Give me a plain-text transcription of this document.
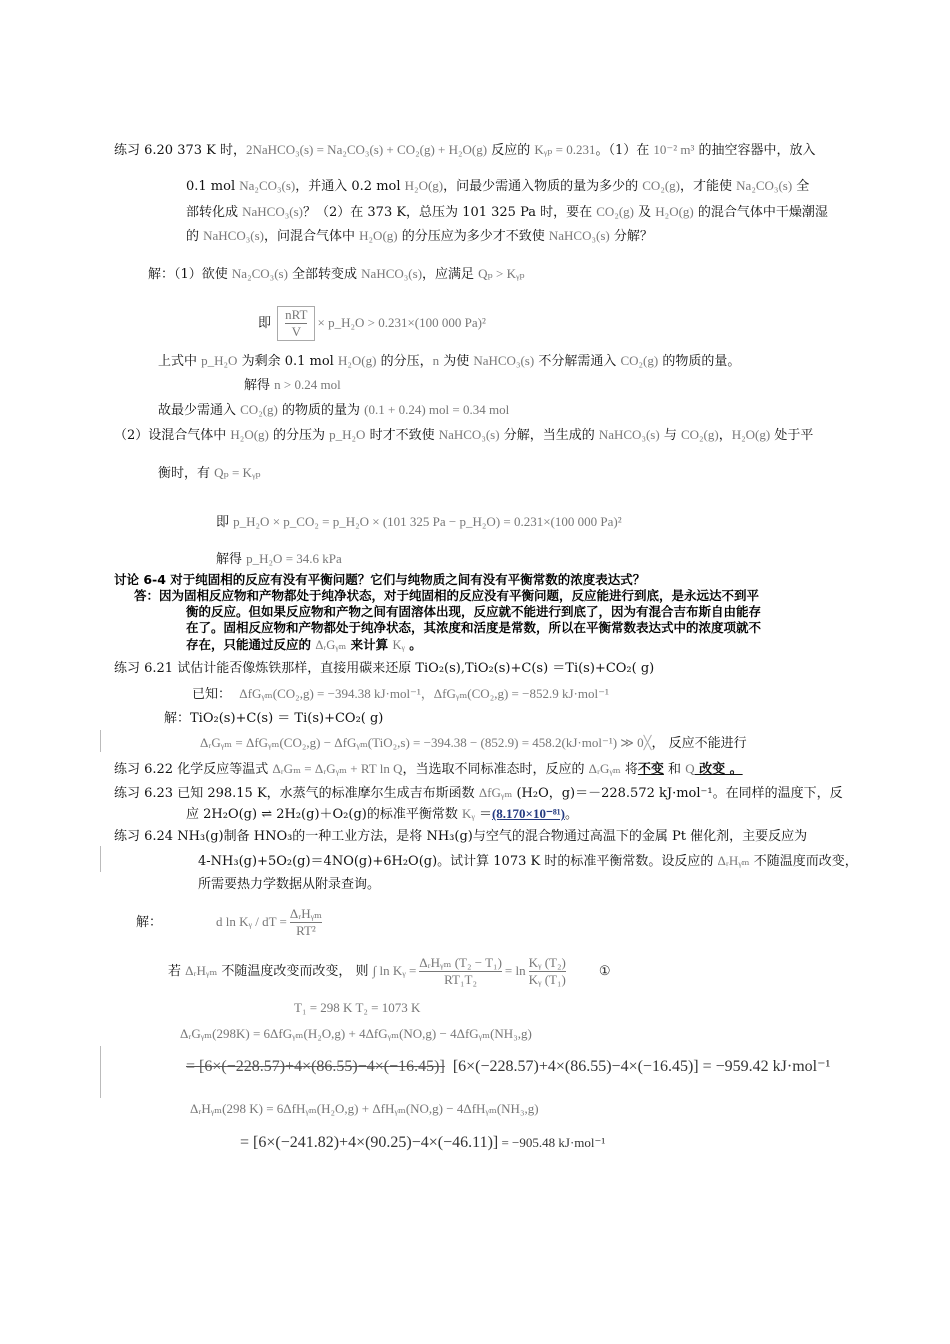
练习 6.20 373 K 时，2NaHCO₃(s) = Na₂CO₃(s) + CO₂(g) + H₂O(g) 反应的 Kᵧₚ = 0.231。（1）在 10⁻² m³ 的抽空容器中，放入
0.1 mol Na₂CO₃(s)，并通入 0.2 mol H₂O(g)，问最少需通入物质的量为多少的 CO₂(g)，才能使 Na₂CO₃(s) 全
部转化成 NaHCO₃(s)？（2）在 373 K，总压为 101 325 Pa 时，要在 CO₂(g) 及 H₂O(g) 的混合气体中干燥潮湿
的 NaHCO₃(s)，问混合气体中 H₂O(g) 的分压应为多少才不致使 NaHCO₃(s) 分解？
解：（1）欲使 Na₂CO₃(s) 全部转变成 NaHCO₃(s)，应满足 Qₚ > Kᵧₚ
即 $\frac{\text{nRT}}{V}$ × p_H₂O > 0.231×(100 000 Pa)²
上式中 p_H₂O 为剩余 0.1 mol H₂O(g) 的分压，n 为使 NaHCO₃(s) 不分解需通入 CO₂(g) 的物质的量。
解得 n > 0.24 mol
故最少需通入 CO₂(g) 的物质的量为 (0.1 + 0.24) mol = 0.34 mol
（2）设混合气体中 H₂O(g) 的分压为 p_H₂O 时才不致使 NaHCO₃(s) 分解，当生成的 NaHCO₃(s) 与 CO₂(g)，H₂O(g) 处于平
衡时，有 Qₚ = Kᵧₚ
即 p_H₂O × p_CO₂ = p_H₂O × (101 325 Pa − p_H₂O) = 0.231×(100 000 Pa)²
解得 p_H₂O = 34.6 kPa
讨论 6-4 对于纯固相的反应有没有平衡问题？它们与纯物质之间有没有平衡常数的浓度表达式？
答：因为固相反应物和产物都处于纯净状态，对于纯固相的反应没有平衡问题，反应能进行到底，是永远达不到平
衡的反应。但如果反应物和产物之间有固溶体出现，反应就不能进行到底了，因为有混合吉布斯自由能存
在了。固相反应物和产物都处于纯净状态，其浓度和活度是常数，所以在平衡常数表达式中的浓度项就不
存在，只能通过反应的 ΔᵣGᵧₘ 来计算 Kᵧ 。
练习 6.21 试估计能否像炼铁那样，直接用碳来还原 TiO₂(s),TiO₂(s)+C(s) ＝Ti(s)+CO₂( g)
已知： ΔfGᵧₘ(CO₂,g) = −394.38 kJ·mol⁻¹，ΔfGᵧₘ(CO₂,g) = −852.9 kJ·mol⁻¹
解：TiO₂(s)+C(s) ＝ Ti(s)+CO₂( g)
ΔᵣGᵧₘ = ΔfGᵧₘ(CO₂,g) − ΔfGᵧₘ(TiO₂,s) = −394.38 − (852.9) = 458.2(kJ·mol⁻¹) ≫ 0╳， 反应不能进行
练习 6.22 化学反应等温式 ΔᵣGₘ = ΔᵣGᵧₘ + RT ln Q，当选取不同标准态时，反应的 ΔᵣGᵧₘ 将不变 和 Q 改变 。
练习 6.23 已知 298.15 K，水蒸气的标准摩尔生成吉布斯函数 ΔfGᵧₘ (H₂O，g)＝－228.572 kJ·mol⁻¹。在同样的温度下，反
应 2H₂O(g) ⇌ 2H₂(g)＋O₂(g)的标准平衡常数 Kᵧ ＝(8.170×10⁻⁸¹)。
练习 6.24 NH₃(g)制备 HNO₃的一种工业方法，是将 NH₃(g)与空气的混合物通过高温下的金属 Pt 催化剂，主要反应为
4-NH₃(g)+5O₂(g)＝4NO(g)+6H₂O(g)。试计算 1073 K 时的标准平衡常数。设反应的 ΔᵣHᵧₘ 不随温度而改变，
所需要热力学数据从附录查询。
解：	d ln Kᵧ / dT = $\frac{\text{ΔᵣHᵧₘ}}{\text{RT²}}$
若 ΔᵣHᵧₘ 不随温度改变而改变， 则 ∫ ln Kᵧ = $\frac{\text{ΔᵣHᵧₘ (T₂ − T₁)}}{\text{RT₁T₂}} = \ln \frac{\text{Kᵧ (T₂)}}{\text{Kᵧ (T₁)}}$	①
T₁ = 298 K T₂ = 1073 K
ΔᵣGᵧₘ(298K) = 6ΔfGᵧₘ(H₂O,g) + 4ΔfGᵧₘ(NO,g) − 4ΔfGᵧₘ(NH₃,g)
= [6×(−228.57)+4×(86.55)−4×(−16.45)] [6×(−228.57)+4×(86.55)−4×(−16.45)] = −959.42 kJ·mol⁻¹
ΔᵣHᵧₘ(298 K) = 6ΔfHᵧₘ(H₂O,g) + ΔfHᵧₘ(NO,g) − 4ΔfHᵧₘ(NH₃,g)
= [6×(−241.82)+4×(90.25)−4×(−46.11)] = −905.48 kJ·mol⁻¹
